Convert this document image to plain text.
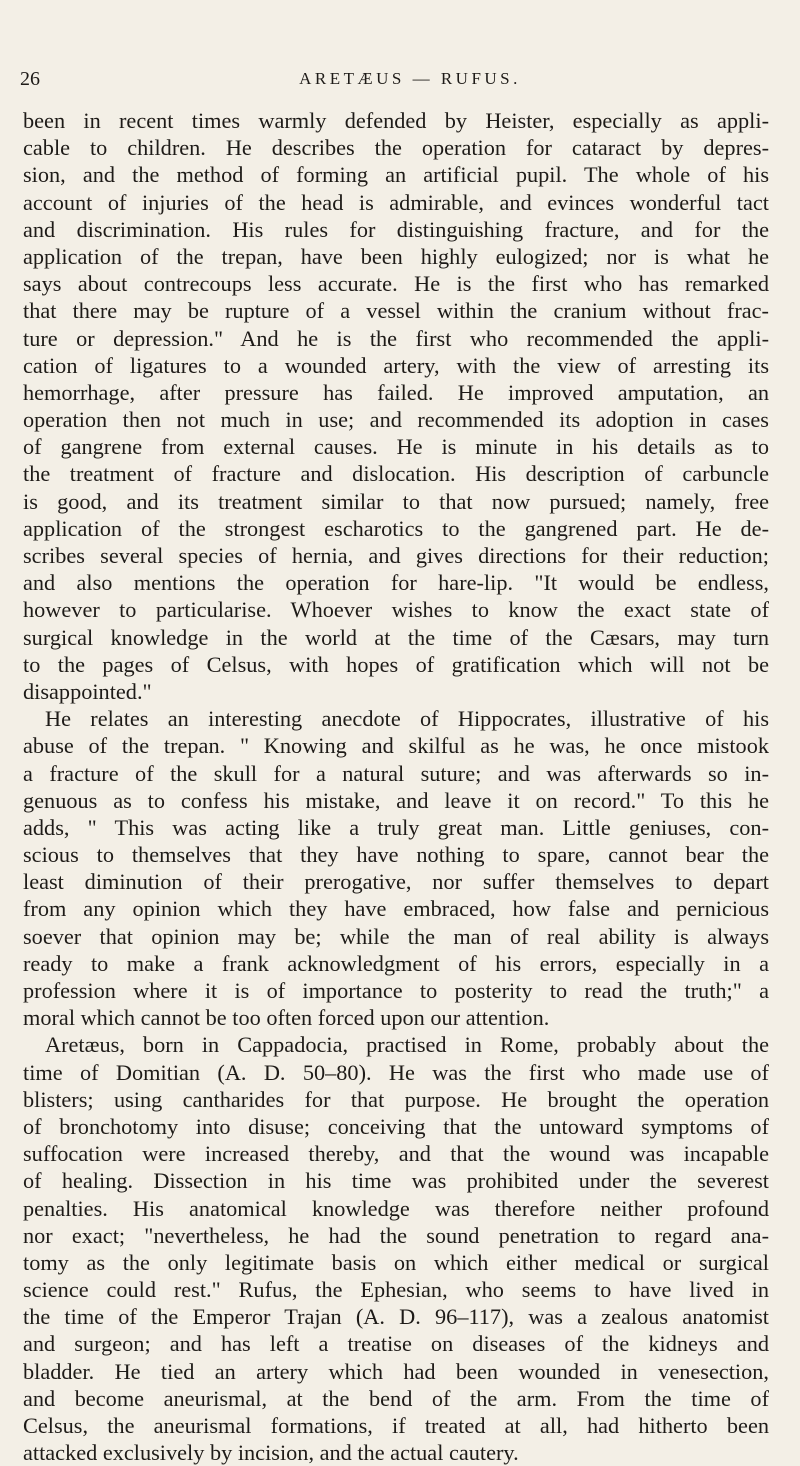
26	ARETÆUS — RUFUS.
been in recent times warmly defended by Heister, especially as appli-
cable to children. He describes the operation for cataract by depres-
sion, and the method of forming an artificial pupil. The whole of his
account of injuries of the head is admirable, and evinces wonderful tact
and discrimination. His rules for distinguishing fracture, and for the
application of the trepan, have been highly eulogized; nor is what he
says about contrecoups less accurate. He is the first who has remarked
that there may be rupture of a vessel within the cranium without frac-
ture or depression." And he is the first who recommended the appli-
cation of ligatures to a wounded artery, with the view of arresting its
hemorrhage, after pressure has failed. He improved amputation, an
operation then not much in use; and recommended its adoption in cases
of gangrene from external causes. He is minute in his details as to
the treatment of fracture and dislocation. His description of carbuncle
is good, and its treatment similar to that now pursued; namely, free
application of the strongest escharotics to the gangrened part. He de-
scribes several species of hernia, and gives directions for their reduction;
and also mentions the operation for hare-lip. "It would be endless,
however to particularise. Whoever wishes to know the exact state of
surgical knowledge in the world at the time of the Cæsars, may turn
to the pages of Celsus, with hopes of gratification which will not be
disappointed."
He relates an interesting anecdote of Hippocrates, illustrative of his
abuse of the trepan. " Knowing and skilful as he was, he once mistook
a fracture of the skull for a natural suture; and was afterwards so in-
genuous as to confess his mistake, and leave it on record." To this he
adds, " This was acting like a truly great man. Little geniuses, con-
scious to themselves that they have nothing to spare, cannot bear the
least diminution of their prerogative, nor suffer themselves to depart
from any opinion which they have embraced, how false and pernicious
soever that opinion may be; while the man of real ability is always
ready to make a frank acknowledgment of his errors, especially in a
profession where it is of importance to posterity to read the truth;" a
moral which cannot be too often forced upon our attention.
Aretæus, born in Cappadocia, practised in Rome, probably about the
time of Domitian (A. D. 50–80). He was the first who made use of
blisters; using cantharides for that purpose. He brought the operation
of bronchotomy into disuse; conceiving that the untoward symptoms of
suffocation were increased thereby, and that the wound was incapable
of healing. Dissection in his time was prohibited under the severest
penalties. His anatomical knowledge was therefore neither profound
nor exact; "nevertheless, he had the sound penetration to regard ana-
tomy as the only legitimate basis on which either medical or surgical
science could rest." Rufus, the Ephesian, who seems to have lived in
the time of the Emperor Trajan (A. D. 96–117), was a zealous anatomist
and surgeon; and has left a treatise on diseases of the kidneys and
bladder. He tied an artery which had been wounded in venesection,
and become aneurismal, at the bend of the arm. From the time of
Celsus, the aneurismal formations, if treated at all, had hitherto been
attacked exclusively by incision, and the actual cautery.
